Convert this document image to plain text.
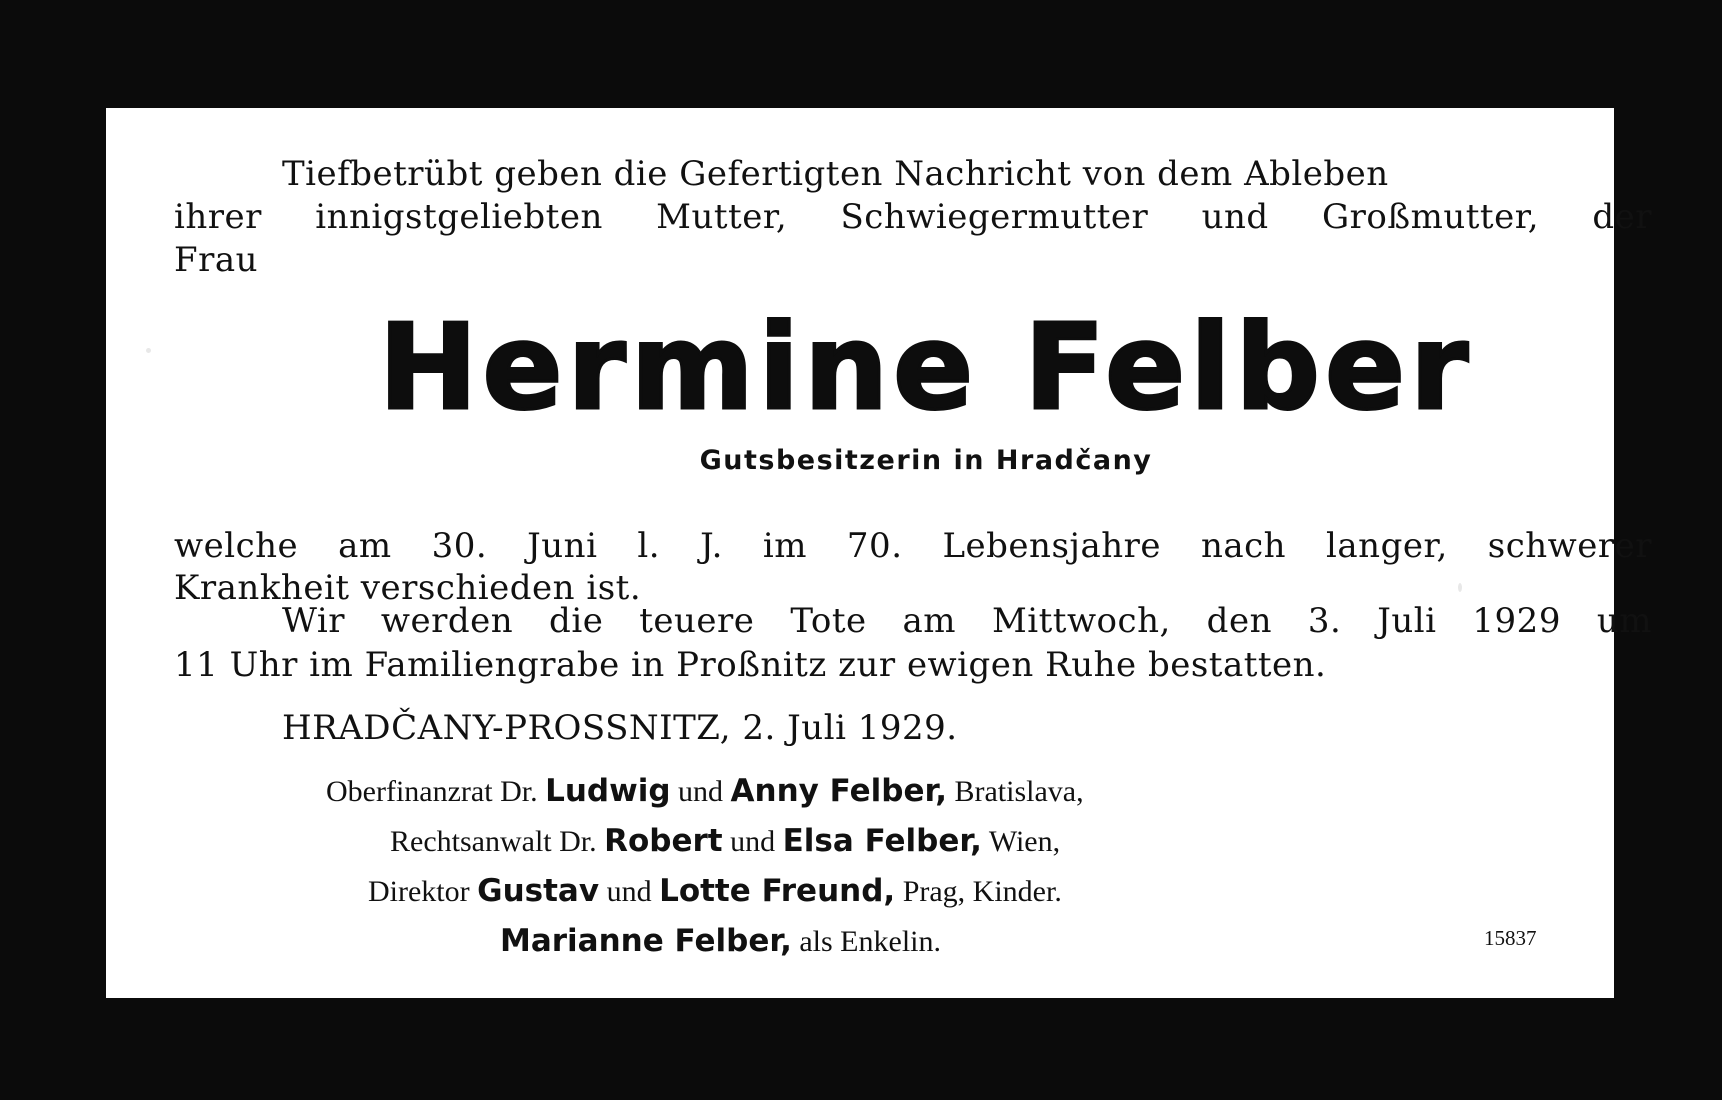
Tiefbetrübt geben die Gefertigten Nachricht von dem Ableben
ihrer innigstgeliebten Mutter, Schwiegermutter und Großmutter, der
Frau
Hermine Felber
Gutsbesitzerin in Hradčany
welche am 30. Juni l. J. im 70. Lebensjahre nach langer, schwerer
Krankheit verschieden ist.
Wir werden die teuere Tote am Mittwoch, den 3. Juli 1929 um
11 Uhr im Familiengrabe in Proßnitz zur ewigen Ruhe bestatten.
HRADČANY-PROSSNITZ, 2. Juli 1929.
Oberfinanzrat Dr. Ludwig und Anny Felber, Bratislava,
Rechtsanwalt Dr. Robert und Elsa Felber, Wien,
Direktor Gustav und Lotte Freund, Prag, Kinder.
Marianne Felber, als Enkelin.	15837
